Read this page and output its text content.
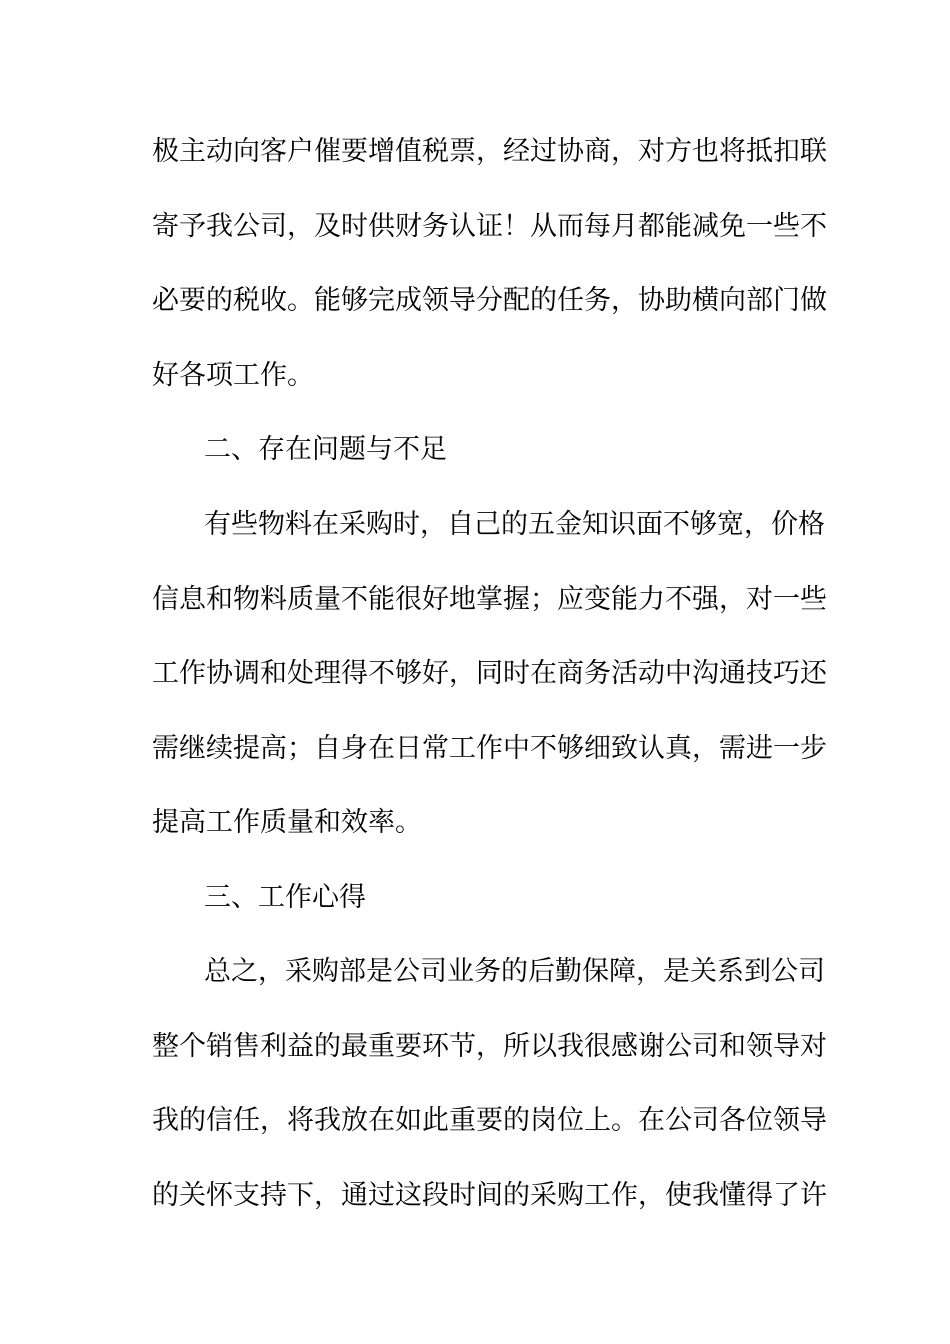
极主动向客户催要增值税票，经过协商，对方也将抵扣联
寄予我公司，及时供财务认证！从而每月都能减免一些不
必要的税收。能够完成领导分配的任务，协助横向部门做
好各项工作。
二、存在问题与不足
有些物料在采购时，自己的五金知识面不够宽，价格
信息和物料质量不能很好地掌握；应变能力不强，对一些
工作协调和处理得不够好，同时在商务活动中沟通技巧还
需继续提高；自身在日常工作中不够细致认真，需进一步
提高工作质量和效率。
三、工作心得
总之，采购部是公司业务的后勤保障，是关系到公司
整个销售利益的最重要环节，所以我很感谢公司和领导对
我的信任，将我放在如此重要的岗位上。在公司各位领导
的关怀支持下，通过这段时间的采购工作，使我懂得了许
